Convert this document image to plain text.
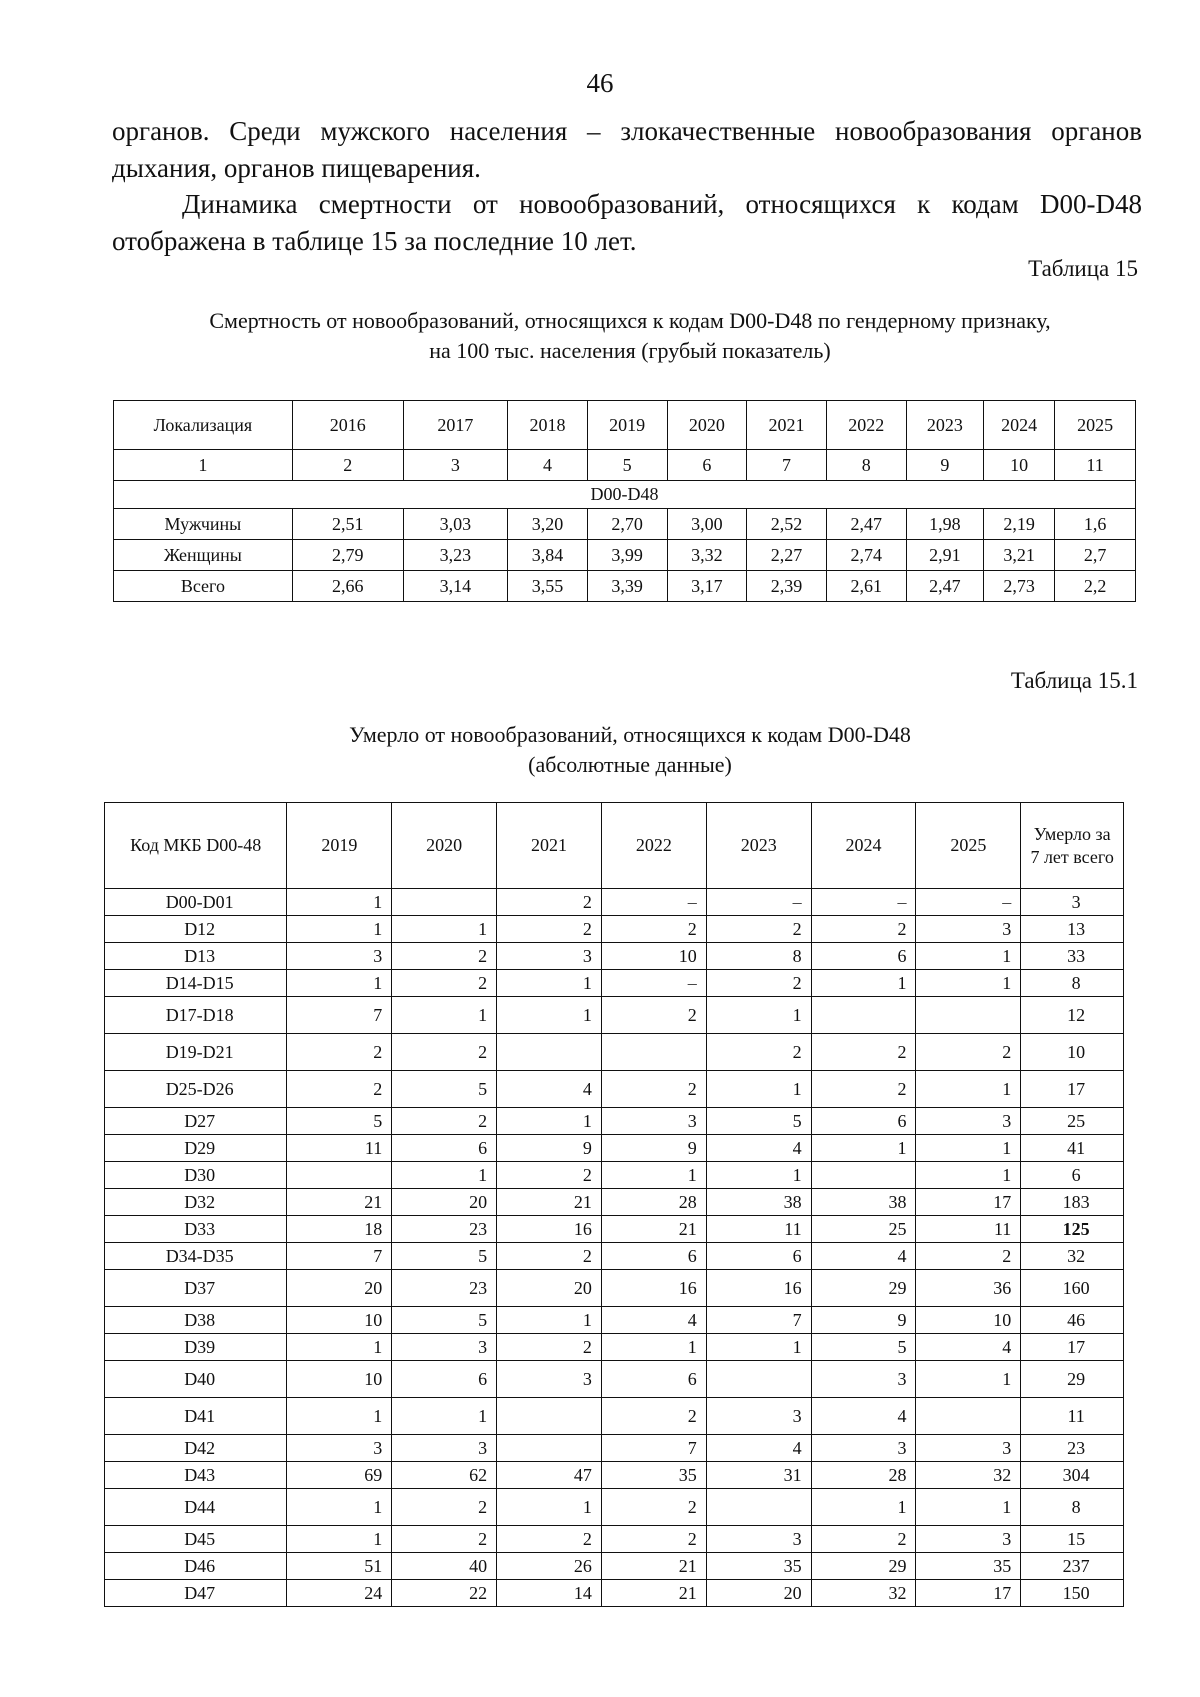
46

органов. Среди мужского населения – злокачественные новообразования органов дыхания, органов пищеварения.

Динамика смертности от новообразований, относящихся к кодам D00-D48 отображена в таблице 15 за последние 10 лет.

Таблица 15
Смертность от новообразований, относящихся к кодам D00-D48 по гендерному признаку,
на 100 тыс. населения (грубый показатель)
Локализация	2016	2017	2018	2019	2020	2021	2022	2023	2024	2025
1	2	3	4	5	6	7	8	9	10	11
D00-D48										
Мужчины	2,51	3,03	3,20	2,70	3,00	2,52	2,47	1,98	2,19	1,6
Женщины	2,79	3,23	3,84	3,99	3,32	2,27	2,74	2,91	3,21	2,7
Всего	2,66	3,14	3,55	3,39	3,17	2,39	2,61	2,47	2,73	2,2
Таблица 15.1
Умерло от новообразований, относящихся к кодам D00-D48
(абсолютные данные)
Код МКБ D00-48	2019	2020	2021	2022	2023	2024	2025	Умерло за 7 лет всего
D00-D01	1		2	–	–	–	–	3
D12	1	1	2	2	2	2	3	13
D13	3	2	3	10	8	6	1	33
D14-D15	1	2	1	–	2	1	1	8
D17-D18	7	1	1	2	1			12
D19-D21	2	2			2	2	2	10
D25-D26	2	5	4	2	1	2	1	17
D27	5	2	1	3	5	6	3	25
D29	11	6	9	9	4	1	1	41
D30		1	2	1	1		1	6
D32	21	20	21	28	38	38	17	183
D33	18	23	16	21	11	25	11	125
D34-D35	7	5	2	6	6	4	2	32
D37	20	23	20	16	16	29	36	160
D38	10	5	1	4	7	9	10	46
D39	1	3	2	1	1	5	4	17
D40	10	6	3	6		3	1	29
D41	1	1		2	3	4		11
D42	3	3		7	4	3	3	23
D43	69	62	47	35	31	28	32	304
D44	1	2	1	2		1	1	8
D45	1	2	2	2	3	2	3	15
D46	51	40	26	21	35	29	35	237
D47	24	22	14	21	20	32	17	150
